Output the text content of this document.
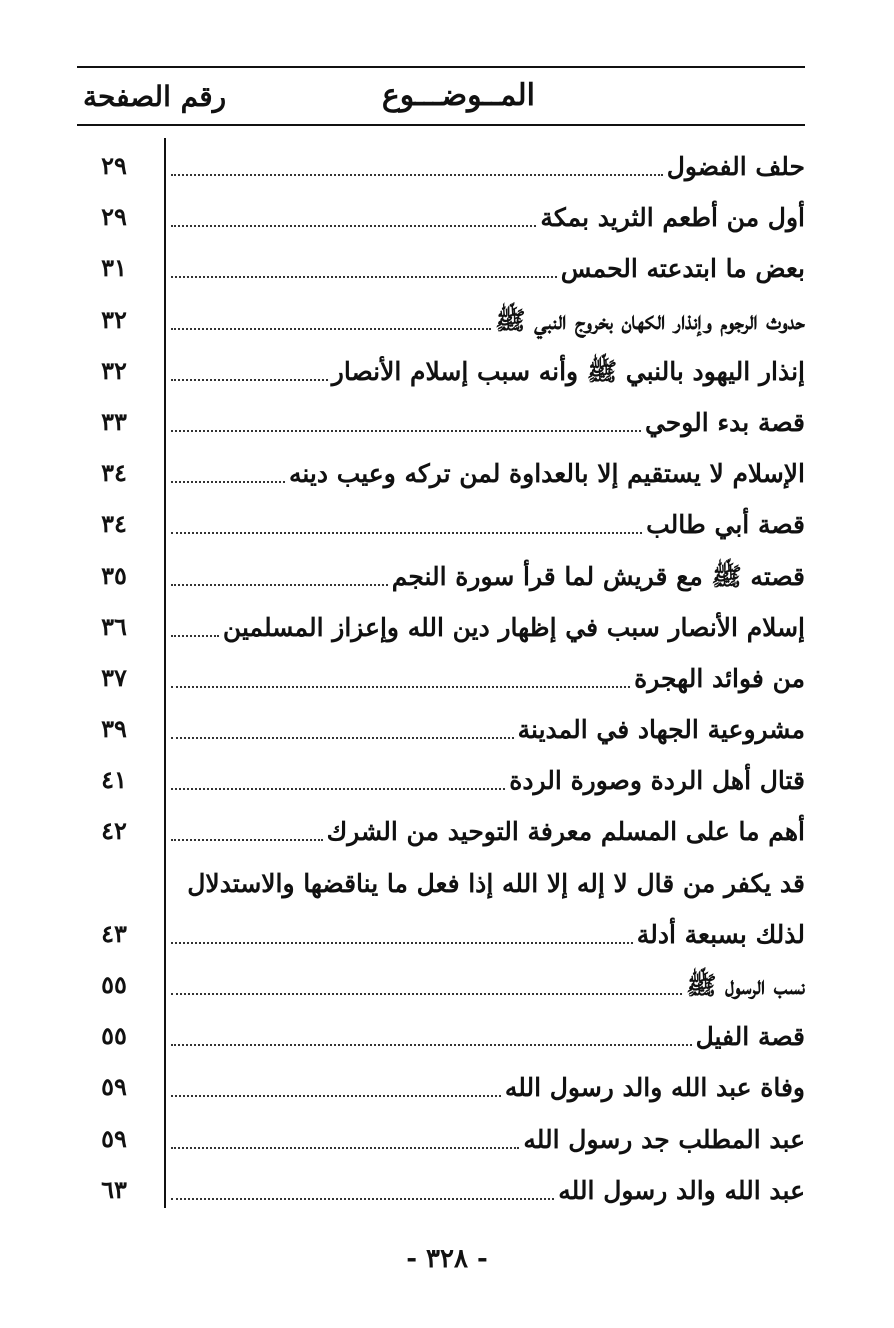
المــوضـــوع
رقم الصفحة
حلف الفضول
٢٩
أول من أطعم الثريد بمكة
٢٩
بعض ما ابتدعته الحمس
٣١
حدوث الرجوم وإنذار الكهان بخروج النبي ﷺ
٣٢
إنذار اليهود بالنبي ﷺ وأنه سبب إسلام الأنصار
٣٢
قصة بدء الوحي
٣٣
الإسلام لا يستقيم إلا بالعداوة لمن تركه وعيب دينه
٣٤
قصة أبي طالب
٣٤
قصته ﷺ مع قريش لما قرأ سورة النجم
٣٥
إسلام الأنصار سبب في إظهار دين الله وإعزاز المسلمين
٣٦
من فوائد الهجرة
٣٧
مشروعية الجهاد في المدينة
٣٩
قتال أهل الردة وصورة الردة
٤١
أهم ما على المسلم معرفة التوحيد من الشرك
٤٢
قد يكفر من قال لا إله إلا الله إذا فعل ما يناقضها والاستدلال
لذلك بسبعة أدلة
٤٣
نسب الرسول ﷺ
٥٥
قصة الفيل
٥٥
وفاة عبد الله والد رسول الله
٥٩
عبد المطلب جد رسول الله
٥٩
عبد الله والد رسول الله
٦٣
- ٣٢٨ -
